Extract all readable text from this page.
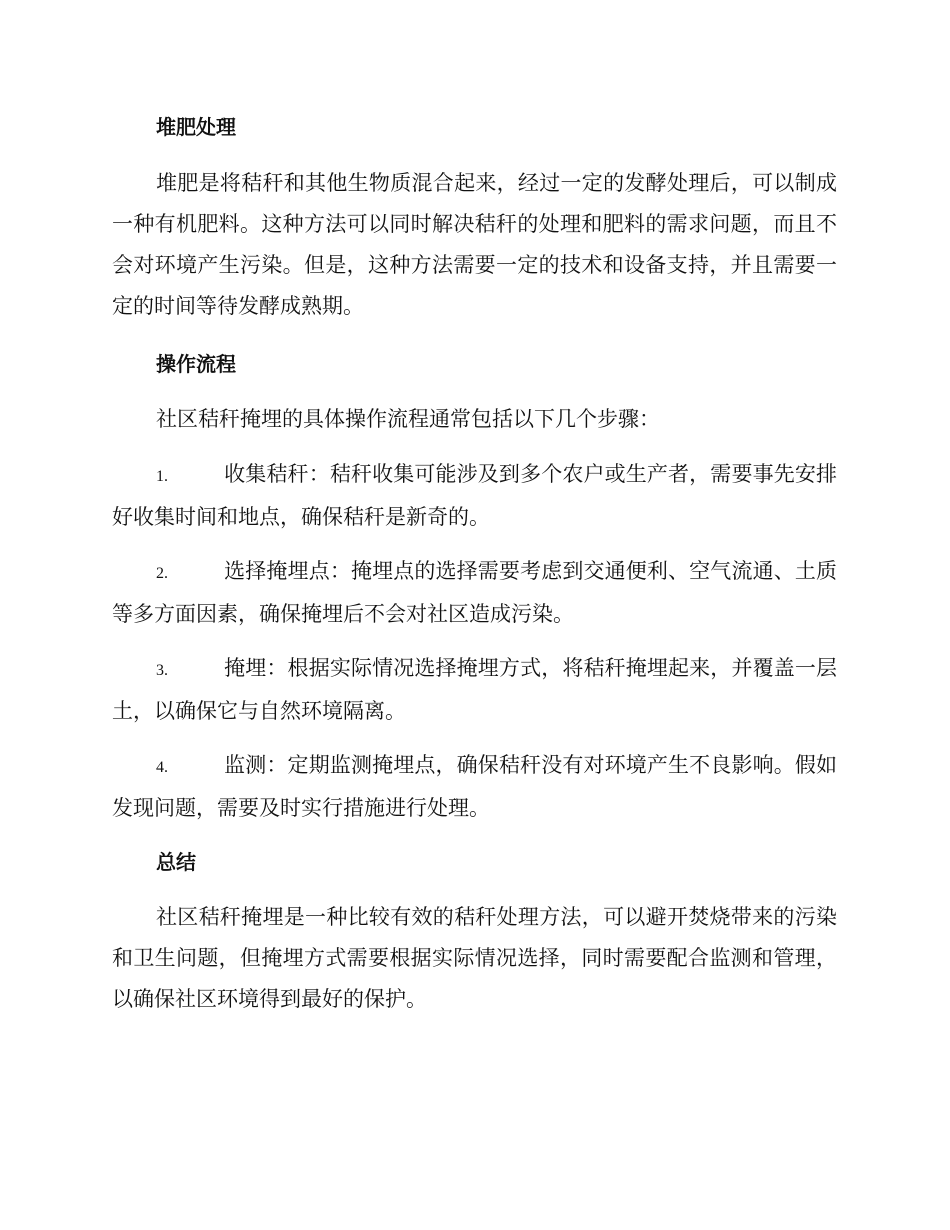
堆肥处理

堆肥是将秸秆和其他生物质混合起来，经过一定的发酵处理后，可以制成一种有机肥料。这种方法可以同时解决秸秆的处理和肥料的需求问题，而且不会对环境产生污染。但是，这种方法需要一定的技术和设备支持，并且需要一定的时间等待发酵成熟期。

操作流程

社区秸秆掩埋的具体操作流程通常包括以下几个步骤：

1.	收集秸秆：秸秆收集可能涉及到多个农户或生产者，需要事先安排好收集时间和地点，确保秸秆是新奇的。

2.	选择掩埋点：掩埋点的选择需要考虑到交通便利、空气流通、土质等多方面因素，确保掩埋后不会对社区造成污染。

3.	掩埋：根据实际情况选择掩埋方式，将秸秆掩埋起来，并覆盖一层土，以确保它与自然环境隔离。

4.	监测：定期监测掩埋点，确保秸秆没有对环境产生不良影响。假如发现问题，需要及时实行措施进行处理。

总结

社区秸秆掩埋是一种比较有效的秸秆处理方法，可以避开焚烧带来的污染和卫生问题，但掩埋方式需要根据实际情况选择，同时需要配合监测和管理，以确保社区环境得到最好的保护。
